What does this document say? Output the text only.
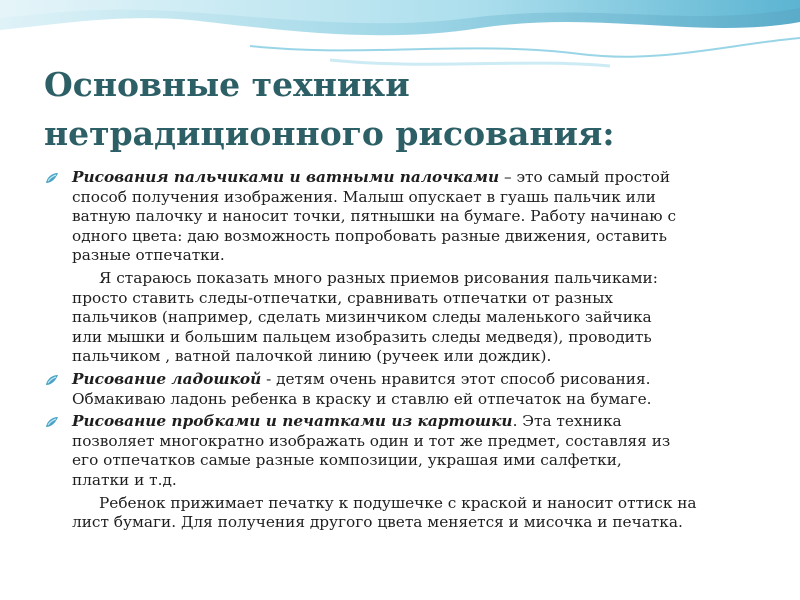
Основные техники
нетрадиционного рисования:
Рисования пальчиками и ватными палочками – это самый простой
способ получения изображения. Малыш опускает в гуашь пальчик или
ватную палочку и наносит точки, пятнышки на бумаге. Работу начинаю с
одного цвета: даю возможность попробовать разные движения, оставить
разные отпечатки.
Я стараюсь показать много разных приемов рисования пальчиками:
просто ставить следы-отпечатки, сравнивать отпечатки от разных
пальчиков (например, сделать мизинчиком следы маленького зайчика
или мышки и большим пальцем изобразить следы медведя), проводить
пальчиком , ватной палочкой линию (ручеек или дождик).
Рисование ладошкой - детям очень нравится этот способ рисования.
Обмакиваю ладонь ребенка в краску и ставлю ей отпечаток на бумаге.
Рисование пробками и печатками из картошки. Эта техника
позволяет многократно изображать один и тот же предмет, составляя из
его отпечатков самые разные композиции, украшая ими салфетки,
платки и т.д.
Ребенок прижимает печатку к подушечке с краской и наносит оттиск на
лист бумаги. Для получения другого цвета меняется и мисочка и печатка.
